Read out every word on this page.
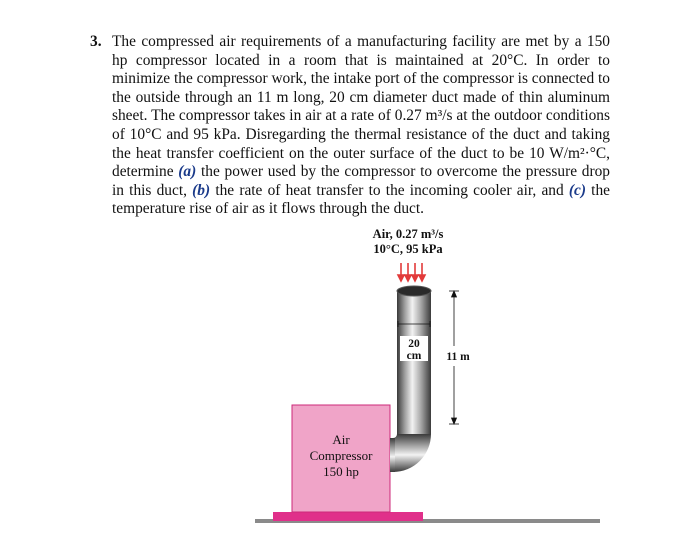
3. The compressed air requirements of a manufacturing facility are met by a 150 hp compressor located in a room that is maintained at 20°C. In order to minimize the compressor work, the intake port of the compressor is connected to the outside through an 11 m long, 20 cm diameter duct made of thin aluminum sheet. The compressor takes in air at a rate of 0.27 m³/s at the outdoor conditions of 10°C and 95 kPa. Disregarding the thermal resistance of the duct and taking the heat transfer coefficient on the outer surface of the duct to be 10 W/m²·°C, determine (a) the power used by the compressor to overcome the pressure drop in this duct, (b) the rate of heat transfer to the incoming cooler air, and (c) the temperature rise of air as it flows through the duct.
Air, 0.27 m³/s
10°C, 95 kPa
Air
Compressor
150 hp
20
cm 11 m
